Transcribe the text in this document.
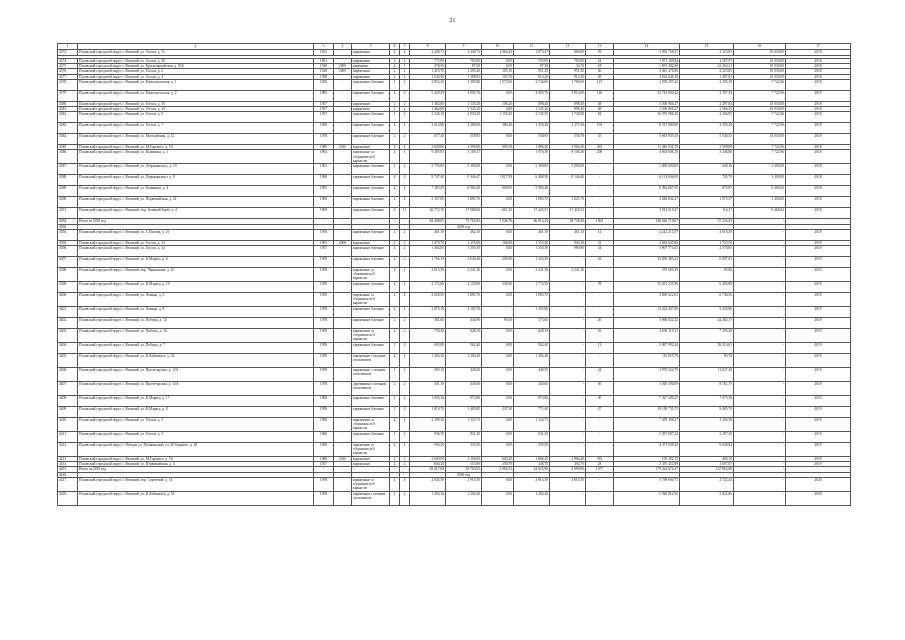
21
1	2	3	4	5	6	7	8	9	10	11	12	13	14	15	16	17
4373.	Псковский городской округ, г. Великий, ул. Гоголя, д. 11	1961	-	кирпичные	4	2	2 449,73	2 449,73	1 964,45	1 873,47	860,00	59	3 092 758,37	2 325,85	10 030,00	2018

4374.	Псковский городской округ, г. Великий, ул. Гоголя, д. 36	1961	-	кирпичные	2	2	775,80	703,00	0,00	703,00	703,00	24	1 071 169,84	2 587,97	10 030,00	2018
4375.	Псковский городской округ, г. Великий, ул. Красноармейская, д. 93А	1928	2005	каменные	4	1	278,50	87,50	0,00	87,50	34,70	18	1 691 482,80	22 263,21	10 030,00	2018
4376.	Псковский городской округ, г. Великий, ул. Гоголя, д. 2	1928	2005	кирпичные	2	2	1 410,70	1 295,40	105,10	951,30	951,30	46	3 461 474,96	2 325,85	10 030,00	2018
4377.	Псковский городской округ, г. Великий, ул. Гоголя, д. 4	1958	-	кирпичные	2	2	1 544,90	1 388,05	103,70	914,20	914,20	49	3 622 646,18	2 497,04	10 030,00	2018
4378.	Псковский городской округ, г. Великий, ул. Комсомольская, д. 1	1956	-	кирпичные блочные	4	2	3 853,20	3 395,80	1 075,95	2 744,60	1 796,00	127	2 059 295,42	4 395,28	7 722,96	2018
4379.	Псковский городской округ, г. Великий, ул. Комсомольская, д. 2	1985	-	кирпичные блочные	4	6	5 429,29	4 905,76	0,00	4 905,76	3 814,00	126	23 743 090,42	4 397,34	7 722,96	2019
4380.	Псковский городской округ, г. Великий, ул. Гоголя, д. 30	1957	-	кирпичные	2	2	1 464,00	1 345,20	106,20	898,40	898,40	48	3 506 066,27	2 497,04	10 030,00	2018
4381.	Псковский городской округ, г. Великий, ул. Гоголя, д. 32	1957	-	кирпичные	2	2	1 464,00	1 345,20	0,00	1 345,20	898,40	48	3 506 066,27	2 566,25	10 030,00	2018
4382.	Псковский городской округ, г. Великий, ул. Гоголя, д. 6	1957	-	кирпичные блочные	4	2	3 236,10	2 930,20	1 150,30	2 745,50	1 738,90	84	16 976 906,30	4 366,85	7 722,96	2018
4383.	Псковский городской округ, г. Великий, ул. Гоголя, д. 7	1960	-	кирпичные блочные	4	2	2 014,00	2 386,00	380,40	1 476,40	2 275,40	104	8 527 000,00	4 395,28	7 722,96	2018
4384.	Псковский городской округ, г. Великий, ул. Молодёжная, д. 12	1959	-	кирпичные блочные	2	2	677,40	558,95	0,00	558,95	558,79	35	3 663 839,18	5 540,53	10 030,00	2019
4385.	Псковский городской округ, г. Великий, ул. М.Горького, д. 5А	1980	2010	кирпичные	4	2	2 600,00	2 300,00	600,20	1 886,20	2 966,40	363	11 040 036,70	2 509,00	7 722,96	2018
4386.	Псковский городской округ, г. Великий, ул. Калинина, д. 1	1963	-	кирпичные со сборными ж/б каркасом	4	3	9 405,81	5 109,47	-	1 876,30	8 106,40	208	4 063 606,10	3 446,86	7 722,96	2018
4387.	Псковский городской округ, г. Великий, ул. Дзержинского, д. 10	1961	-	кирпичные блочные	2	2	5 755,00	5 300,00	0,00	5 300,00	5 000,00	-	1 000 600,00	446,16	3 400,00	2018
4388.	Псковский городской округ, г. Великий, ул. Дзержинского, д. 9	1960	-	кирпичные блочные	4	2	9 747,40	9 346,47	1 817,59	6 468,50	8 146,40	-	6 133 846,00	745,79	3 400,00	2018
4389.	Псковский городской округ, г. Великий, ул. Калинина, д. 4	1965	-	кирпичные блочные	2	2	7 283,49	6 984,40	608,00	5 963,40	-	-	6 094 067,85	875,87	6 460,04	2018
4390.	Псковский городской округ, г. Великий, ул. Первомайская, д. 22	1969	-	кирпичные блочные	4	4	2 357,00	1 885,70	0,00	1 885,70	1 625,70	-	2 046 832,27	1 075,37	3 400,00	2018
4391.	Псковский городской округ, г. Великий, пер. Зелёный Берёг, д. 4	1969	-	кирпичные блочные	6	11	20 772,76	17 588,60	661,30	17 425,53	17 425,53	-	3 813 015,47	116,37	6 460,04	2018
4392.	Итого за 2018 год	-	-	-	-	-	84 408,05	73 762,05	7 546,76	66 914,43	58 738,30	1563	148 566 719,07	37 243,45	-	-
4393.								2019 год								
4394.	Псковский городской округ, г. Великий, ул. С.Попова, д. 41	1956	-	кирпичные блочные	2	2	461,10	462,10	0,00	461,10	461,10	12	2 242 213,57	4 510,29	-	2019
4395.	Псковский городской округ, г. Великий, ул. Гоголя, д. 32	1963	2008	кирпичные	2	2	1 470,70	1 255,00	106,80	1 153,20	904,20	33	2 663 645,96	2 753,54	-	2019
4396.	Псковский городской округ, г. Великий, ул. Гоголя, д. 34	1957	-	кирпичные блочные	2	2	1 464,00	1 350,30	0,00	1 350,30	980,90	34	3 807 774,65	2 570,85	-	2019
4397.	Псковский городской округ, г. Великий, ул. К.Маркса, д. 6	1959	-	кирпичные блочные	2	2	1 766,10	1 640,40	205,90	1 443,50	-	32	15 839 483,23	6 907,05	-	2019
4398.	Псковский городской округ, г. Великий, пер. Чернышева, д. 10	1959	-	кирпичные со сборными ж/б каркасом	4	4	2 615,50	2 241,30	0,00	2 241,30	2 241,30	-	370 683,19	85,80	-	2019
4399.	Псковский городской округ, г. Великий, ул. К.Маркса, д. 10	1959	-	кирпичные блочные	4	4	2 172,60	2 129,60	238,40	1 774,50	-	78	13 431 225,96	6 465,88	-	2019
4400.	Псковский городской округ, г. Великий, ул. Ленина, д. 6	1959	-	кирпичные со сборными ж/б каркасом	4	4	2 028,50	1 885,70	0,00	1 885,70	-	-	3 869 622,02	6 746,56	-	2019
4401.	Псковский городской округ, г. Великий, ул. Ленина, д. 8	1959	-	кирпичные блочные	2	2	2 075,10	2 185,70	-	1 395,00	-	-	14 422 267,80	5 445,86	-	2019
4402.	Псковский городской округ, г. Великий, ул. Победы, д. 14	1959	-	кирпичные блочные	2	2	361,60	444,90	90,40	375,60	-	20	3 868 022,22	24 402,17	-	2019
4403.	Псковский городской округ, г. Великий, ул. Победы, д. 16	1959	-	кирпичные со сборными ж/б каркасом	2	2	750,40	628,10	0,00	628,10	-	16	4 694 119,23	7 395,26	-	2019
4404.	Псковский городской округ, г. Великий, ул. Победы, д. 7	1959	-	кирпичные блочные	2	2	605,00	562,40	0,00	562,40	-	12	5 867 992,44	20 314,61	-	2019
4405.	Псковский городской округ, г. Великий, ул. К.Либкнехта, д. 32	1959	-	кирпичные с печным отоплением	2	2	1 404,10	1 204,40	0,00	1 204,40	-	-	116 855,79	85,76	-	2019
4406.	Псковский городской округ, г. Великий, ул. Пролетарская, д. 12А	1959	-	кирпичные с печным отоплением	2	2	495,10	440,50	0,00	440,50	-	24	4 970 524,79	11 037,49	-	2019
4407.	Псковский городской округ, г. Великий, ул. Пролетарская, д. 13А	1959	-	деревянные с печным отоплением	2	2	501,10	440,60	0,00	440,60	-	30	3 026 500,69	8 761,79	-	2019
4408.	Псковский городской округ, г. Великий, ул. К.Маркса, д. 17	1960	-	кирпичные блочные	2	2	1 003,10	973,80	0,00	973,80	-	30	7 327 309,27	7 475,30	-	2019
4409.	Псковский городской округ, г. Великий, ул. К.Маркса, д. 8	1959	-	кирпичные блочные	2	2	1 819,70	1 485,85	247,30	771,40	-	47	18 198 735,75	9 085,79	-	2019
4410.	Псковский городской округ, г. Великий, ул. Гоголя, д. 3	1960	-	кирпичные со сборными ж/б каркасом	2	2	2 399,10	1 325,75	0,00	1 324,75	-	-	7 459 408,27	4 294,39	-	2019
4411.	Псковский городской округ, г. Великий, ул. Гоголя, д. 5	1960	-	кирпичные блочные	2	2	936,70	841,30	0,00	841,30	-	-	5 837 887,24	3 297,20	-	2019
4412.	Псковский городской округ, г. Печоры ул. Пушкинский, ул. М.Горького, д. 38	1960	-	кирпичные со сборными ж/б каркасом	2	2	604,20	335,50	0,00	335,50	-	-	4 471 938,38	9 049,84	-	2019
4413.	Псковский городской округ, г. Великий, ул. М.Горького, д. 5А	1980	2010	кирпичные	4	2	2 600,00	2 300,00	600,20	1 886,20	2 966,40	363	105 402 17	480,19	-	2019
4414.	Псковский городской округ, г. Великий, ул. Первомайская, д. 4	1957	-	кирпичные	2	2	604,20	553,90	258,70	438,70	492,70	28	2 470 452,89	3 697,87	-	2019
4415.	Итого за 2019 год	-	-	-	-	-	29 417,68	25 763,05	2 084,25	24 025,90	2 999,90	1077	179 424 674,47	127 963,08	-	-
4416.								2020 год								
4417.	Псковский городской округ, г. Великий, пер. Сергеевой, д. 16	1959	-	кирпичные со сборными ж/б каркасом	4	4	2 845,50	2 914,30	0,00	2 914,30	2 614,30	-	5 758 600,75	2 722,44	-	2020
4418.	Псковский городской округ, г. Великий, ул. К.Либкнехта, д. 31	1959	-	кирпичные с печным отоплением	2	2	1 404,10	1 204,40	0,00	1 204,40	-	-	5 820 852,95	5 822,86	-	2020
